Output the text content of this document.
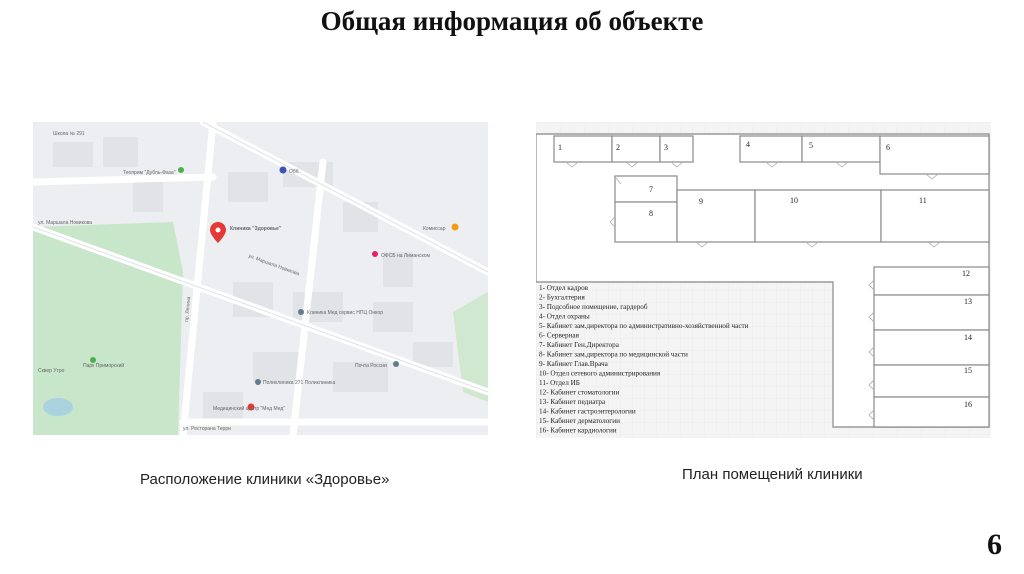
Общая информация об объекте
Клиника "Здоровье"
Школа № 291
Теоприм "Дубль-Фаза"	Обб
ул. Маршала Новикова
Комиссар
ОФСБ на Лиманском
Клиника Мед сервис НПЦ Онкор
Почта России
Поликлиника 271 Поликлиника
Медицинский центр "Мед Мед"
Сквер Утро
Парк Приморский
ул. Ресторана Терри
пр. Ленина
ул. Маршала Новикова
1	2	3	4	5	6
7
8
9	10	11
12
13
14
15
16
1- Отдел кадров
2- Бухгалтерия
3- Подсобное помещение, гардероб
4- Отдел охраны
5- Кабинет зам.директора по административно-хозяйственной части
6- Серверная
7- Кабинет Ген.Директора
8- Кабинет зам.директора по медицинской части
9- Кабинет Глав.Врача
10- Отдел сетевого администрирования
11- Отдел ИБ
12- Кабинет стоматологии
13- Кабинет педиатра
14- Кабинет гастроэнтерологии
15- Кабинет дерматологии
16- Кабинет кардиологии
Расположение клиники «Здоровье»	План помещений клиники
6
